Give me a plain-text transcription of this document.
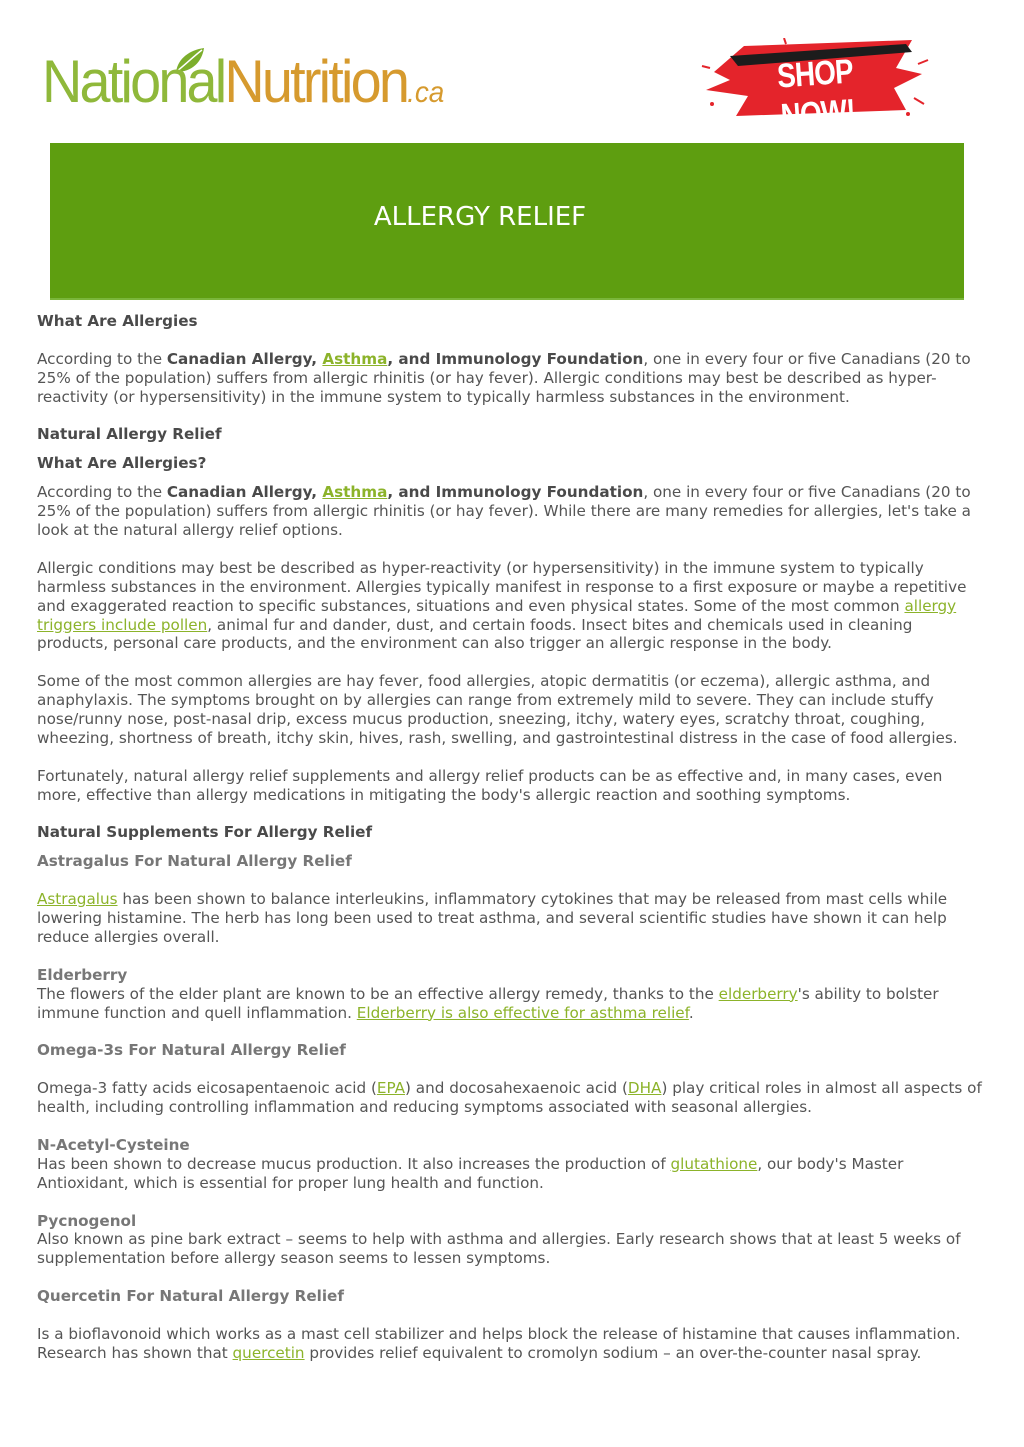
NationalNutrition.ca	SHOP NOW!
ALLERGY RELIEF
What Are Allergies

According to the Canadian Allergy, Asthma, and Immunology Foundation, one in every four or five Canadians (20 to 25% of the population) suffers from allergic rhinitis (or hay fever). Allergic conditions may best be described as hyper-reactivity (or hypersensitivity) in the immune system to typically harmless substances in the environment.

Natural Allergy Relief
What Are Allergies?

According to the Canadian Allergy, Asthma, and Immunology Foundation, one in every four or five Canadians (20 to 25% of the population) suffers from allergic rhinitis (or hay fever). While there are many remedies for allergies, let's take a look at the natural allergy relief options.

Allergic conditions may best be described as hyper-reactivity (or hypersensitivity) in the immune system to typically harmless substances in the environment. Allergies typically manifest in response to a first exposure or maybe a repetitive and exaggerated reaction to specific substances, situations and even physical states. Some of the most common allergy triggers include pollen, animal fur and dander, dust, and certain foods. Insect bites and chemicals used in cleaning products, personal care products, and the environment can also trigger an allergic response in the body.

Some of the most common allergies are hay fever, food allergies, atopic dermatitis (or eczema), allergic asthma, and anaphylaxis. The symptoms brought on by allergies can range from extremely mild to severe. They can include stuffy nose/runny nose, post-nasal drip, excess mucus production, sneezing, itchy, watery eyes, scratchy throat, coughing, wheezing, shortness of breath, itchy skin, hives, rash, swelling, and gastrointestinal distress in the case of food allergies.

Fortunately, natural allergy relief supplements and allergy relief products can be as effective and, in many cases, even more, effective than allergy medications in mitigating the body's allergic reaction and soothing symptoms.

Natural Supplements For Allergy Relief
Astragalus For Natural Allergy Relief

Astragalus has been shown to balance interleukins, inflammatory cytokines that may be released from mast cells while lowering histamine. The herb has long been used to treat asthma, and several scientific studies have shown it can help reduce allergies overall.

Elderberry

The flowers of the elder plant are known to be an effective allergy remedy, thanks to the elderberry's ability to bolster immune function and quell inflammation. Elderberry is also effective for asthma relief.

Omega-3s For Natural Allergy Relief

Omega-3 fatty acids eicosapentaenoic acid (EPA) and docosahexaenoic acid (DHA) play critical roles in almost all aspects of health, including controlling inflammation and reducing symptoms associated with seasonal allergies.

N-Acetyl-Cysteine

Has been shown to decrease mucus production. It also increases the production of glutathione, our body's Master Antioxidant, which is essential for proper lung health and function.

Pycnogenol

Also known as pine bark extract – seems to help with asthma and allergies. Early research shows that at least 5 weeks of supplementation before allergy season seems to lessen symptoms.

Quercetin For Natural Allergy Relief

Is a bioflavonoid which works as a mast cell stabilizer and helps block the release of histamine that causes inflammation. Research has shown that quercetin provides relief equivalent to cromolyn sodium – an over-the-counter nasal spray.
